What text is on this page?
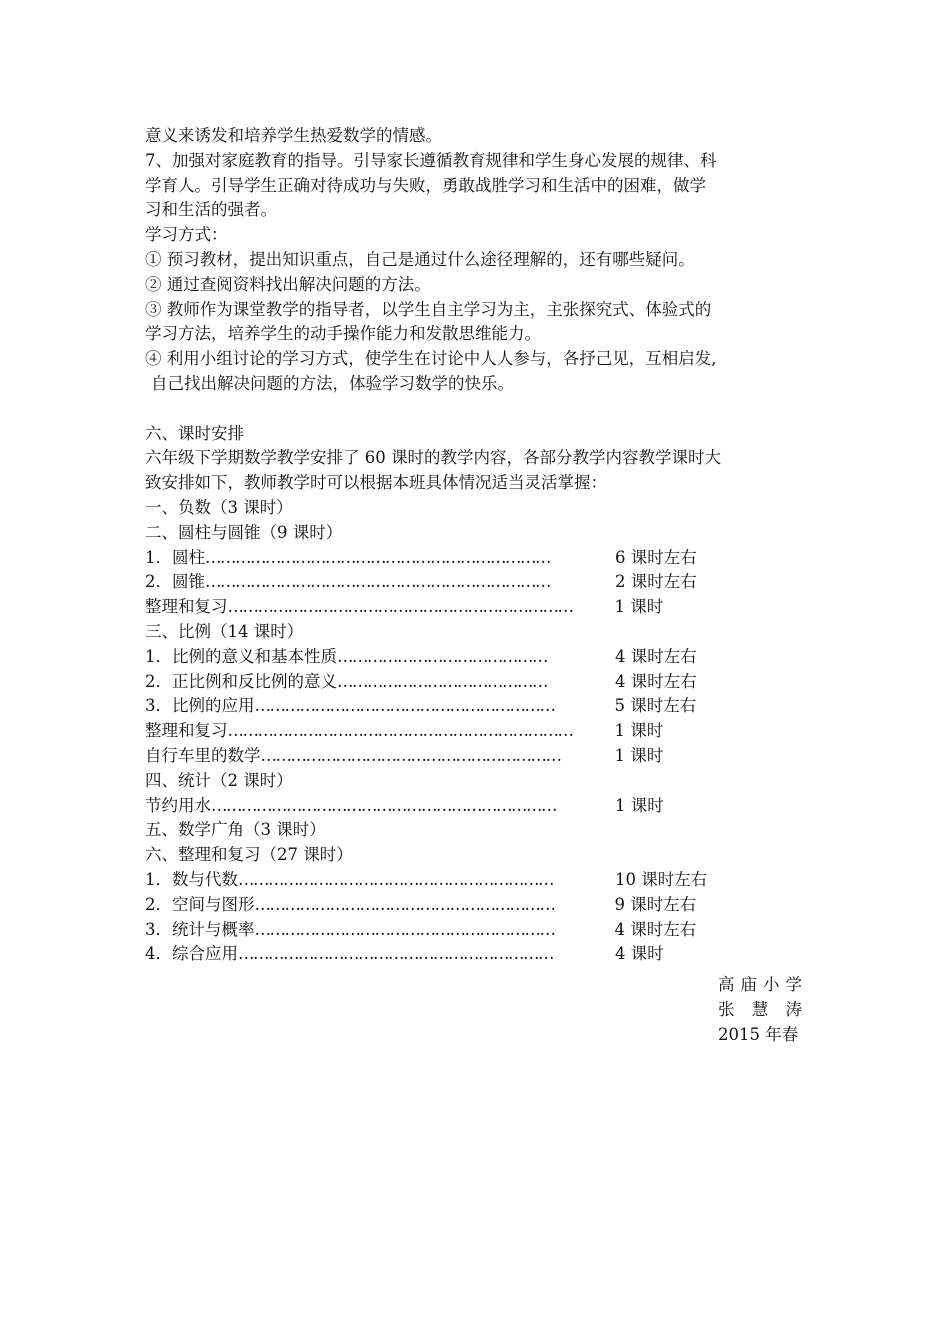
意义来诱发和培养学生热爱数学的情感。
7、加强对家庭教育的指导。引导家长遵循教育规律和学生身心发展的规律、科
学育人。引导学生正确对待成功与失败，勇敢战胜学习和生活中的困难，做学
习和生活的强者。
学习方式：
① 预习教材，提出知识重点，自己是通过什么途径理解的，还有哪些疑问。
② 通过查阅资料找出解决问题的方法。
③ 教师作为课堂教学的指导者，以学生自主学习为主，主张探究式、体验式的
学习方法，培养学生的动手操作能力和发散思维能力。
④ 利用小组讨论的学习方式，使学生在讨论中人人参与，各抒己见，互相启发,
自己找出解决问题的方法，体验学习数学的快乐。
六、课时安排
六年级下学期数学教学安排了 60 课时的教学内容，各部分教学内容教学课时大
致安排如下，教师教学时可以根据本班具体情况适当灵活掌握：
一、负数（3 课时）
二、圆柱与圆锥（9 课时）
1．圆柱 ……………………………………………………………	6 课时左右
2．圆锥 ……………………………………………………………	2 课时左右
整理和复习 ……………………………………………………………	1 课时
三、比例（14 课时）
1．比例的意义和基本性质 ……………………………………	4 课时左右
2．正比例和反比例的意义 ……………………………………	4 课时左右
3．比例的应用 ……………………………………………………	5 课时左右
整理和复习 ……………………………………………………………	1 课时
自行车里的数学 ……………………………………………………	1 课时
四、统计（2 课时）
节约用水 ……………………………………………………………	1 课时
五、数学广角（3 课时）
六、整理和复习（27 课时）
1．数与代数 ………………………………………………………	10 课时左右
2．空间与图形 ……………………………………………………	9 课时左右
3．统计与概率 ……………………………………………………	4 课时左右
4．综合应用 ………………………………………………………	4 课时
高庙小学
张 慧 涛
2015 年春
